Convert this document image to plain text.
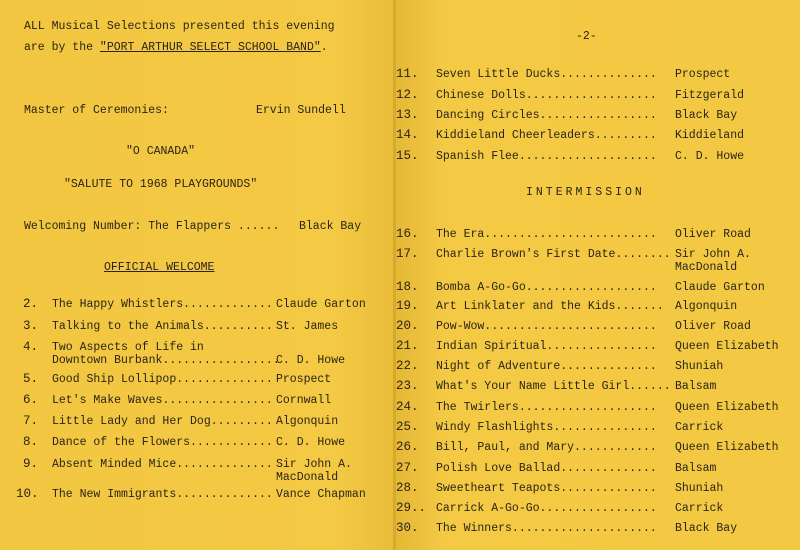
ALL Musical Selections presented this evening
are by the "PORT ARTHUR SELECT SCHOOL BAND".
Master of Ceremonies:	Ervin Sundell
"O CANADA"
"SALUTE TO 1968 PLAYGROUNDS"
Welcoming Number: The Flappers ...... Black Bay
OFFICIAL WELCOME
2. The Happy Whistlers............. Claude Garton
3. Talking to the Animals.......... St. James
4. Two Aspects of Life in
Downtown Burbank.................
C. D. Howe
5. Good Ship Lollipop.............. Prospect
6. Let's Make Waves................ Cornwall
7. Little Lady and Her Dog......... Algonquin
8. Dance of the Flowers............ C. D. Howe
9. Absent Minded Mice.............. Sir John A.
MacDonald
10. The New Immigrants.............. Vance Chapman
-2-
11. Seven Little Ducks.............. Prospect
12. Chinese Dolls................... Fitzgerald
13. Dancing Circles................. Black Bay
14. Kiddieland Cheerleaders......... Kiddieland
15. Spanish Flee.................... C. D. Howe
INTERMISSION
16. The Era......................... Oliver Road
17. Charlie Brown's First Date........ Sir John A.
MacDonald
18. Bomba A-Go-Go................... Claude Garton
19. Art Linklater and the Kids....... Algonquin
20. Pow-Wow......................... Oliver Road
21. Indian Spiritual................ Queen Elizabeth
22. Night of Adventure.............. Shuniah
23. What's Your Name Little Girl...... Balsam
24. The Twirlers.................... Queen Elizabeth
25. Windy Flashlights............... Carrick
26. Bill, Paul, and Mary............ Queen Elizabeth
27. Polish Love Ballad.............. Balsam
28. Sweetheart Teapots.............. Shuniah
29.. Carrick A-Go-Go................. Carrick
30. The Winners..................... Black Bay
